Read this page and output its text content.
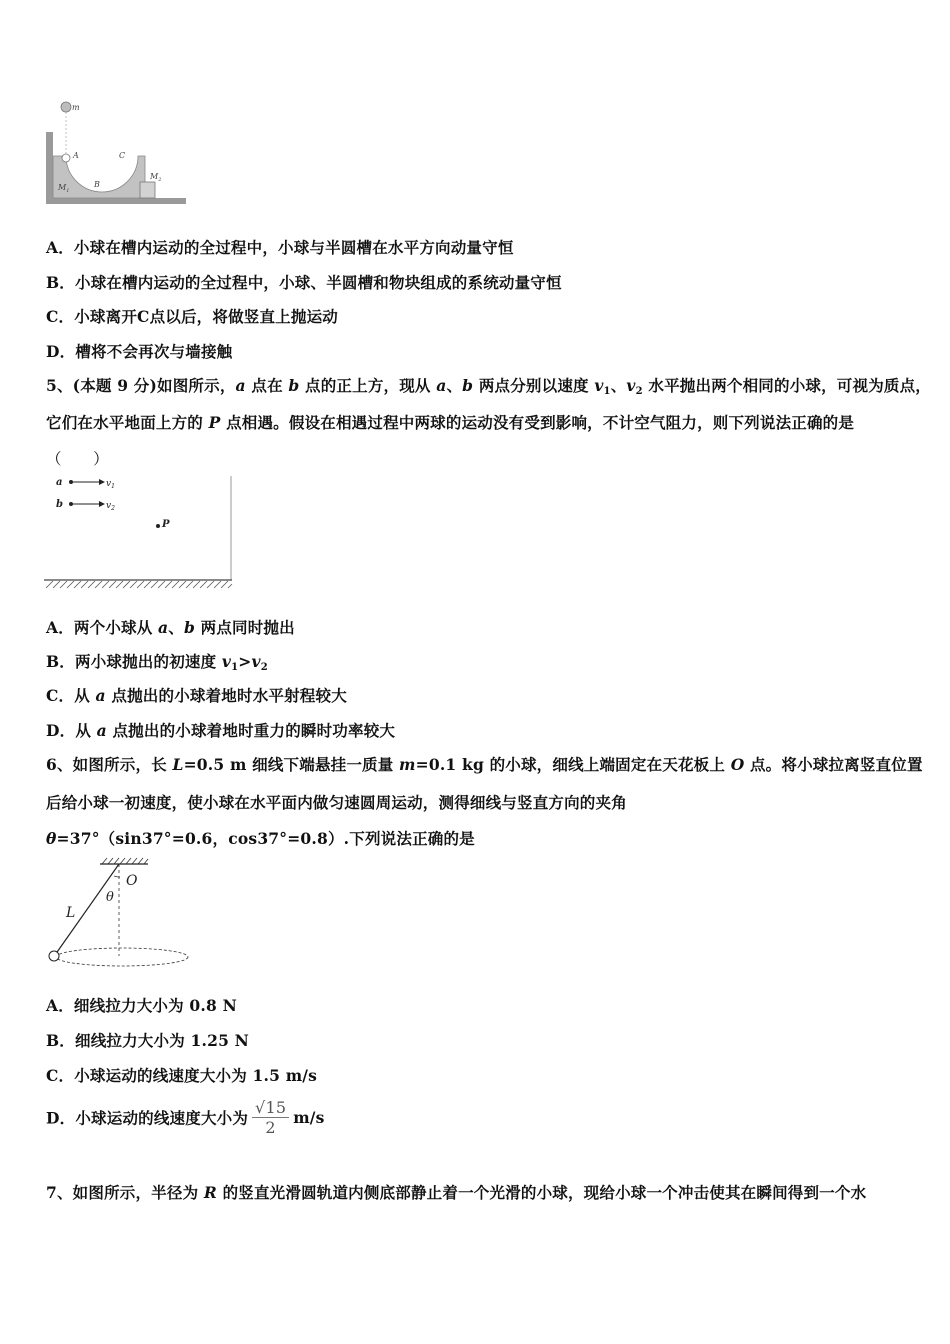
m
A
B
C
$M_1$
$M_2$
A．小球在槽内运动的全过程中，小球与半圆槽在水平方向动量守恒
B．小球在槽内运动的全过程中，小球、半圆槽和物块组成的系统动量守恒
C．小球离开C点以后，将做竖直上抛运动
D．槽将不会再次与墙接触
5、(本题 9 分)如图所示，a 点在 b 点的正上方，现从 a、b 两点分别以速度 $v_1$、$v_2$ 水平抛出两个相同的小球，可视为质点，
它们在水平地面上方的 P 点相遇。假设在相遇过程中两球的运动没有受到影响，不计空气阻力，则下列说法正确的是
（　　）
a	$v_1$
b	$v_2$
P
A．两个小球从 a、b 两点同时抛出
B．两小球抛出的初速度 $v_1>v_2$
C．从 a 点抛出的小球着地时水平射程较大
D．从 a 点抛出的小球着地时重力的瞬时功率较大
6、如图所示，长 L=0.5 m 细线下端悬挂一质量 m=0.1 kg 的小球，细线上端固定在天花板上 O 点。将小球拉离竖直位置
后给小球一初速度，使小球在水平面内做匀速圆周运动，测得细线与竖直方向的夹角
θ=37°（sin37°=0.6，cos37°=0.8）.下列说法正确的是
O
θ
L
A．细线拉力大小为 0.8 N
B．细线拉力大小为 1.25 N
C．小球运动的线速度大小为 1.5 m/s
D．小球运动的线速度大小为 $\frac{√15}{2} m/s$
7、如图所示，半径为 R 的竖直光滑圆轨道内侧底部静止着一个光滑的小球，现给小球一个冲击使其在瞬间得到一个水
